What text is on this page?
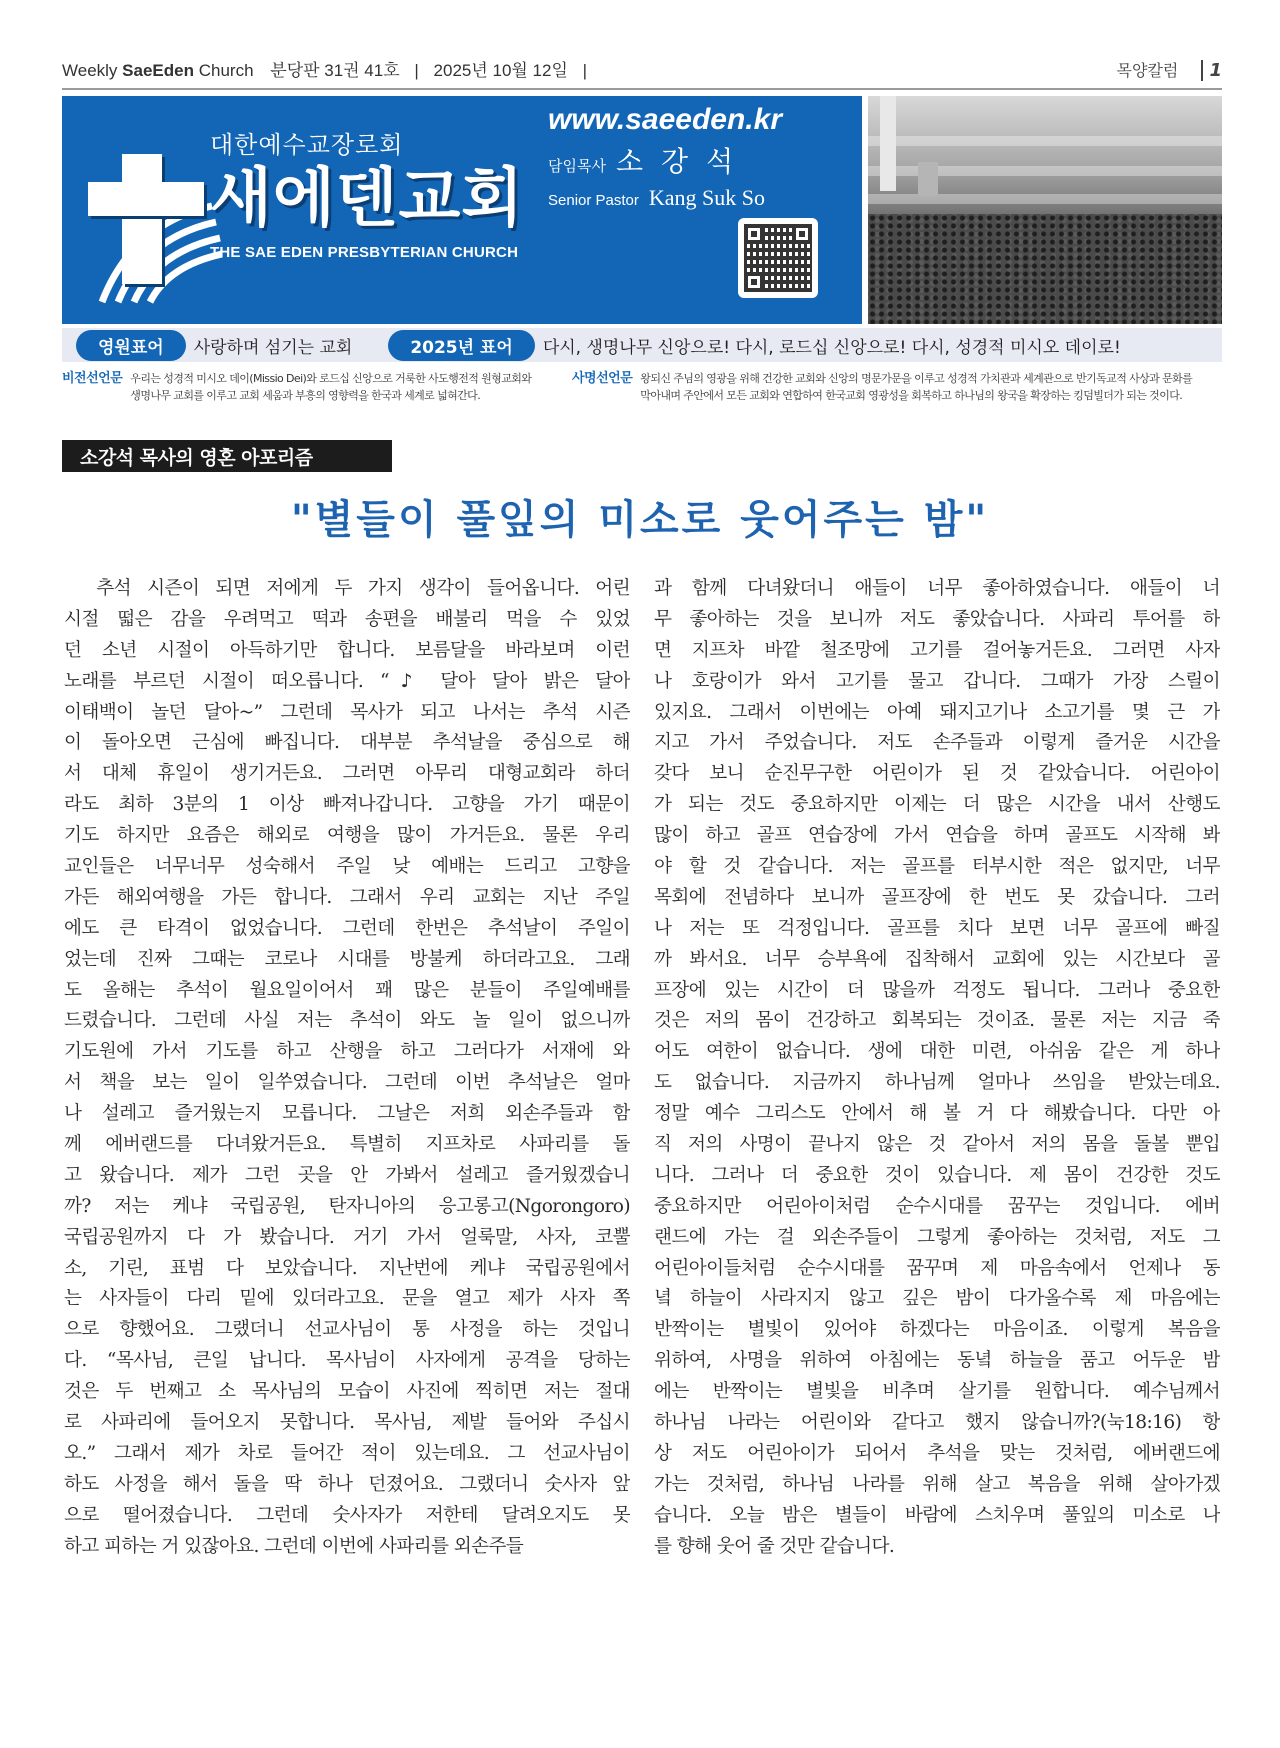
Weekly SaeEden Church 분당판 31권 41호 | 2025년 10월 12일 |	목양칼럼 1
대한예수교장로회
새에덴교회
THE SAE EDEN PRESBYTERIAN CHURCH
www.saeeden.kr
담임목사 소강석
Senior Pastor Kang Suk So
영원표어	사랑하며 섬기는 교회	2025년 표어	다시, 생명나무 신앙으로! 다시, 로드십 신앙으로! 다시, 성경적 미시오 데이로!
비전선언문 우리는 성경적 미시오 데이(Missio Dei)와 로드십 신앙으로 거룩한 사도행전적 원형교회와
생명나무 교회를 이루고 교회 세움과 부흥의 영향력을 한국과 세계로 넓혀간다.
사명선언문 왕되신 주님의 영광을 위해 건강한 교회와 신앙의 명문가문을 이루고 성경적 가치관과 세계관으로 반기독교적 사상과 문화를
막아내며 주안에서 모든 교회와 연합하여 한국교회 영광성을 회복하고 하나님의 왕국을 확장하는 킹덤빌더가 되는 것이다.
소강석 목사의 영혼 아포리즘
"별들이 풀잎의 미소로 웃어주는 밤"
추석 시즌이 되면 저에게 두 가지 생각이 들어옵니다. 어린
시절 떫은 감을 우려먹고 떡과 송편을 배불리 먹을 수 있었
던 소년 시절이 아득하기만 합니다. 보름달을 바라보며 이런
노래를 부르던 시절이 떠오릅니다. “♪ 달아 달아 밝은 달아
이태백이 놀던 달아~” 그런데 목사가 되고 나서는 추석 시즌
이 돌아오면 근심에 빠집니다. 대부분 추석날을 중심으로 해
서 대체 휴일이 생기거든요. 그러면 아무리 대형교회라 하더
라도 최하 3분의 1 이상 빠져나갑니다. 고향을 가기 때문이
기도 하지만 요즘은 해외로 여행을 많이 가거든요. 물론 우리
교인들은 너무너무 성숙해서 주일 낮 예배는 드리고 고향을
가든 해외여행을 가든 합니다. 그래서 우리 교회는 지난 주일
에도 큰 타격이 없었습니다. 그런데 한번은 추석날이 주일이
었는데 진짜 그때는 코로나 시대를 방불케 하더라고요. 그래
도 올해는 추석이 월요일이어서 꽤 많은 분들이 주일예배를
드렸습니다. 그런데 사실 저는 추석이 와도 놀 일이 없으니까
기도원에 가서 기도를 하고 산행을 하고 그러다가 서재에 와
서 책을 보는 일이 일쑤였습니다. 그런데 이번 추석날은 얼마
나 설레고 즐거웠는지 모릅니다. 그날은 저희 외손주들과 함
께 에버랜드를 다녀왔거든요. 특별히 지프차로 사파리를 돌
고 왔습니다. 제가 그런 곳을 안 가봐서 설레고 즐거웠겠습니
까? 저는 케냐 국립공원, 탄자니아의 응고롱고(Ngorongoro)
국립공원까지 다 가 봤습니다. 거기 가서 얼룩말, 사자, 코뿔
소, 기린, 표범 다 보았습니다. 지난번에 케냐 국립공원에서
는 사자들이 다리 밑에 있더라고요. 문을 열고 제가 사자 쪽
으로 향했어요. 그랬더니 선교사님이 통 사정을 하는 것입니
다. “목사님, 큰일 납니다. 목사님이 사자에게 공격을 당하는
것은 두 번째고 소 목사님의 모습이 사진에 찍히면 저는 절대
로 사파리에 들어오지 못합니다. 목사님, 제발 들어와 주십시
오.” 그래서 제가 차로 들어간 적이 있는데요. 그 선교사님이
하도 사정을 해서 돌을 딱 하나 던졌어요. 그랬더니 숫사자 앞
으로 떨어졌습니다. 그런데 숫사자가 저한테 달려오지도 못
하고 피하는 거 있잖아요. 그런데 이번에 사파리를 외손주들
과 함께 다녀왔더니 애들이 너무 좋아하였습니다. 애들이 너
무 좋아하는 것을 보니까 저도 좋았습니다. 사파리 투어를 하
면 지프차 바깥 철조망에 고기를 걸어놓거든요. 그러면 사자
나 호랑이가 와서 고기를 물고 갑니다. 그때가 가장 스릴이
있지요. 그래서 이번에는 아예 돼지고기나 소고기를 몇 근 가
지고 가서 주었습니다. 저도 손주들과 이렇게 즐거운 시간을
갖다 보니 순진무구한 어린이가 된 것 같았습니다. 어린아이
가 되는 것도 중요하지만 이제는 더 많은 시간을 내서 산행도
많이 하고 골프 연습장에 가서 연습을 하며 골프도 시작해 봐
야 할 것 같습니다. 저는 골프를 터부시한 적은 없지만, 너무
목회에 전념하다 보니까 골프장에 한 번도 못 갔습니다. 그러
나 저는 또 걱정입니다. 골프를 치다 보면 너무 골프에 빠질
까 봐서요. 너무 승부욕에 집착해서 교회에 있는 시간보다 골
프장에 있는 시간이 더 많을까 걱정도 됩니다. 그러나 중요한
것은 저의 몸이 건강하고 회복되는 것이죠. 물론 저는 지금 죽
어도 여한이 없습니다. 생에 대한 미련, 아쉬움 같은 게 하나
도 없습니다. 지금까지 하나님께 얼마나 쓰임을 받았는데요.
정말 예수 그리스도 안에서 해 볼 거 다 해봤습니다. 다만 아
직 저의 사명이 끝나지 않은 것 같아서 저의 몸을 돌볼 뿐입
니다. 그러나 더 중요한 것이 있습니다. 제 몸이 건강한 것도
중요하지만 어린아이처럼 순수시대를 꿈꾸는 것입니다. 에버
랜드에 가는 걸 외손주들이 그렇게 좋아하는 것처럼, 저도 그
어린아이들처럼 순수시대를 꿈꾸며 제 마음속에서 언제나 동
녘 하늘이 사라지지 않고 깊은 밤이 다가올수록 제 마음에는
반짝이는 별빛이 있어야 하겠다는 마음이죠. 이렇게 복음을
위하여, 사명을 위하여 아침에는 동녘 하늘을 품고 어두운 밤
에는 반짝이는 별빛을 비추며 살기를 원합니다. 예수님께서
하나님 나라는 어린이와 같다고 했지 않습니까?(눅18:16) 항
상 저도 어린아이가 되어서 추석을 맞는 것처럼, 에버랜드에
가는 것처럼, 하나님 나라를 위해 살고 복음을 위해 살아가겠
습니다. 오늘 밤은 별들이 바람에 스치우며 풀잎의 미소로 나
를 향해 웃어 줄 것만 같습니다.
